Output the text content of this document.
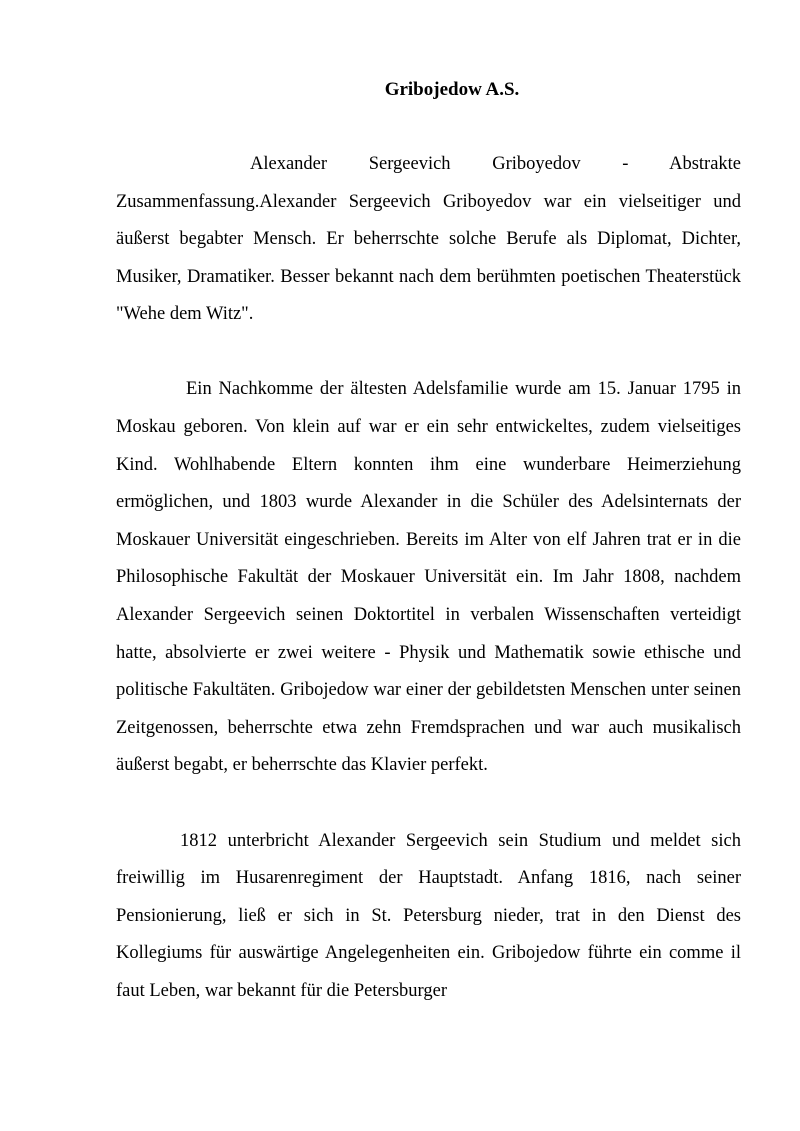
Gribojedow A.S.

Alexander Sergeevich Griboyedov - Abstrakte Zusammenfassung.Alexander Sergeevich Griboyedov war ein vielseitiger und äußerst begabter Mensch. Er beherrschte solche Berufe als Diplomat, Dichter, Musiker, Dramatiker. Besser bekannt nach dem berühmten poetischen Theaterstück "Wehe dem Witz".

Ein Nachkomme der ältesten Adelsfamilie wurde am 15. Januar 1795 in Moskau geboren. Von klein auf war er ein sehr entwickeltes, zudem vielseitiges Kind. Wohlhabende Eltern konnten ihm eine wunderbare Heimerziehung ermöglichen, und 1803 wurde Alexander in die Schüler des Adelsinternats der Moskauer Universität eingeschrieben. Bereits im Alter von elf Jahren trat er in die Philosophische Fakultät der Moskauer Universität ein. Im Jahr 1808, nachdem Alexander Sergeevich seinen Doktortitel in verbalen Wissenschaften verteidigt hatte, absolvierte er zwei weitere - Physik und Mathematik sowie ethische und politische Fakultäten. Gribojedow war einer der gebildetsten Menschen unter seinen Zeitgenossen, beherrschte etwa zehn Fremdsprachen und war auch musikalisch äußerst begabt, er beherrschte das Klavier perfekt.

1812 unterbricht Alexander Sergeevich sein Studium und meldet sich freiwillig im Husarenregiment der Hauptstadt. Anfang 1816, nach seiner Pensionierung, ließ er sich in St. Petersburg nieder, trat in den Dienst des Kollegiums für auswärtige Angelegenheiten ein. Gribojedow führte ein comme il faut Leben, war bekannt für die Petersburger
